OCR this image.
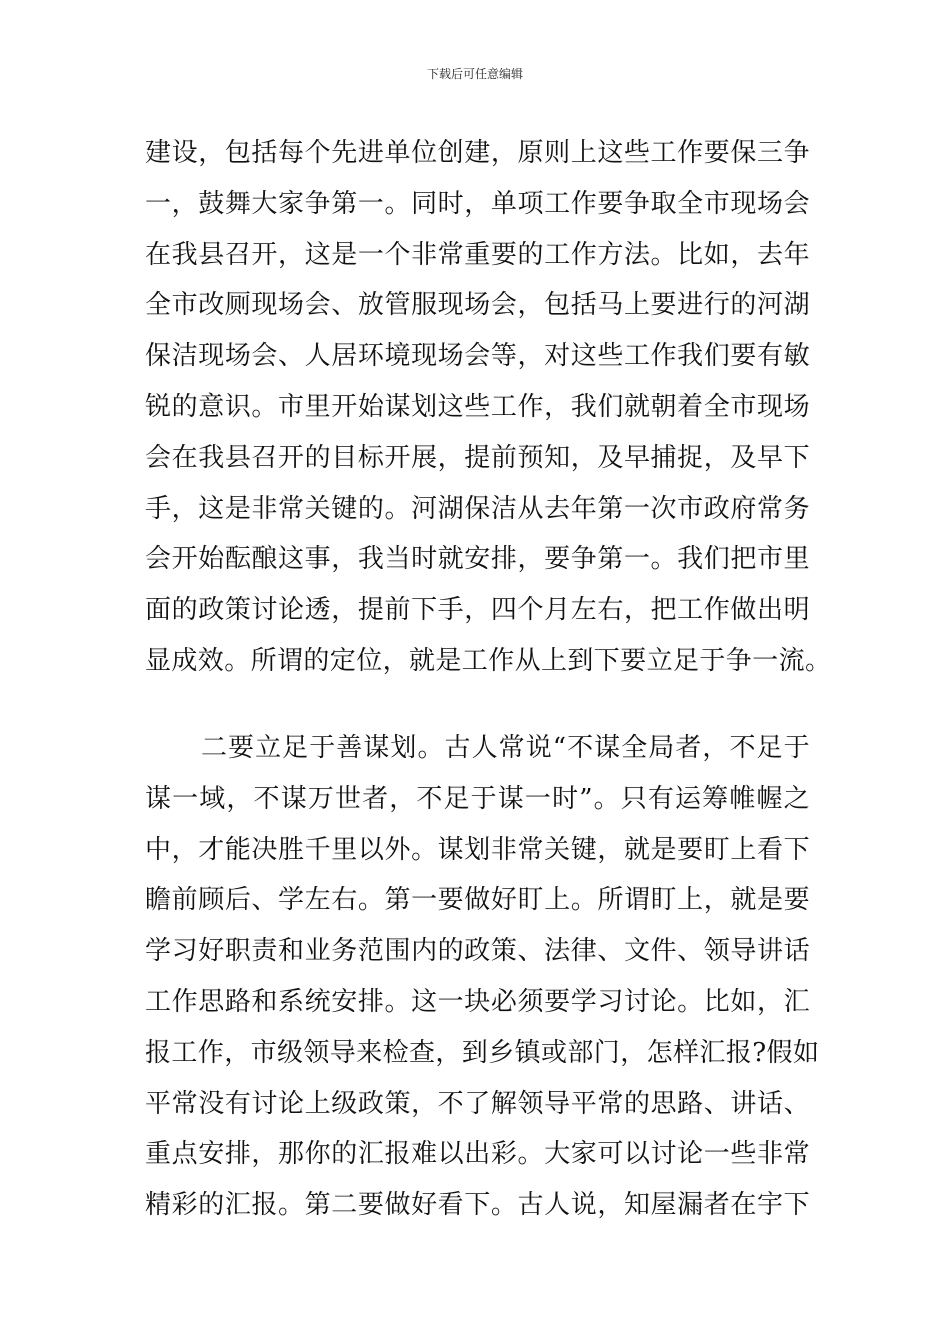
下载后可任意编辑
建设，包括每个先进单位创建，原则上这些工作要保三争
一，鼓舞大家争第一。同时，单项工作要争取全市现场会
在我县召开，这是一个非常重要的工作方法。比如，去年
全市改厕现场会、放管服现场会，包括马上要进行的河湖
保洁现场会、人居环境现场会等，对这些工作我们要有敏
锐的意识。市里开始谋划这些工作，我们就朝着全市现场
会在我县召开的目标开展，提前预知，及早捕捉，及早下
手，这是非常关键的。河湖保洁从去年第一次市政府常务
会开始酝酿这事，我当时就安排，要争第一。我们把市里
面的政策讨论透，提前下手，四个月左右，把工作做出明
显成效。所谓的定位，就是工作从上到下要立足于争一流。
二要立足于善谋划。古人常说“不谋全局者，不足于
谋一域，不谋万世者，不足于谋一时”。只有运筹帷幄之
中，才能决胜千里以外。谋划非常关键，就是要盯上看下
瞻前顾后、学左右。第一要做好盯上。所谓盯上，就是要
学习好职责和业务范围内的政策、法律、文件、领导讲话
工作思路和系统安排。这一块必须要学习讨论。比如，汇
报工作，市级领导来检查，到乡镇或部门，怎样汇报?假如
平常没有讨论上级政策，不了解领导平常的思路、讲话、
重点安排，那你的汇报难以出彩。大家可以讨论一些非常
精彩的汇报。第二要做好看下。古人说，知屋漏者在宇下
